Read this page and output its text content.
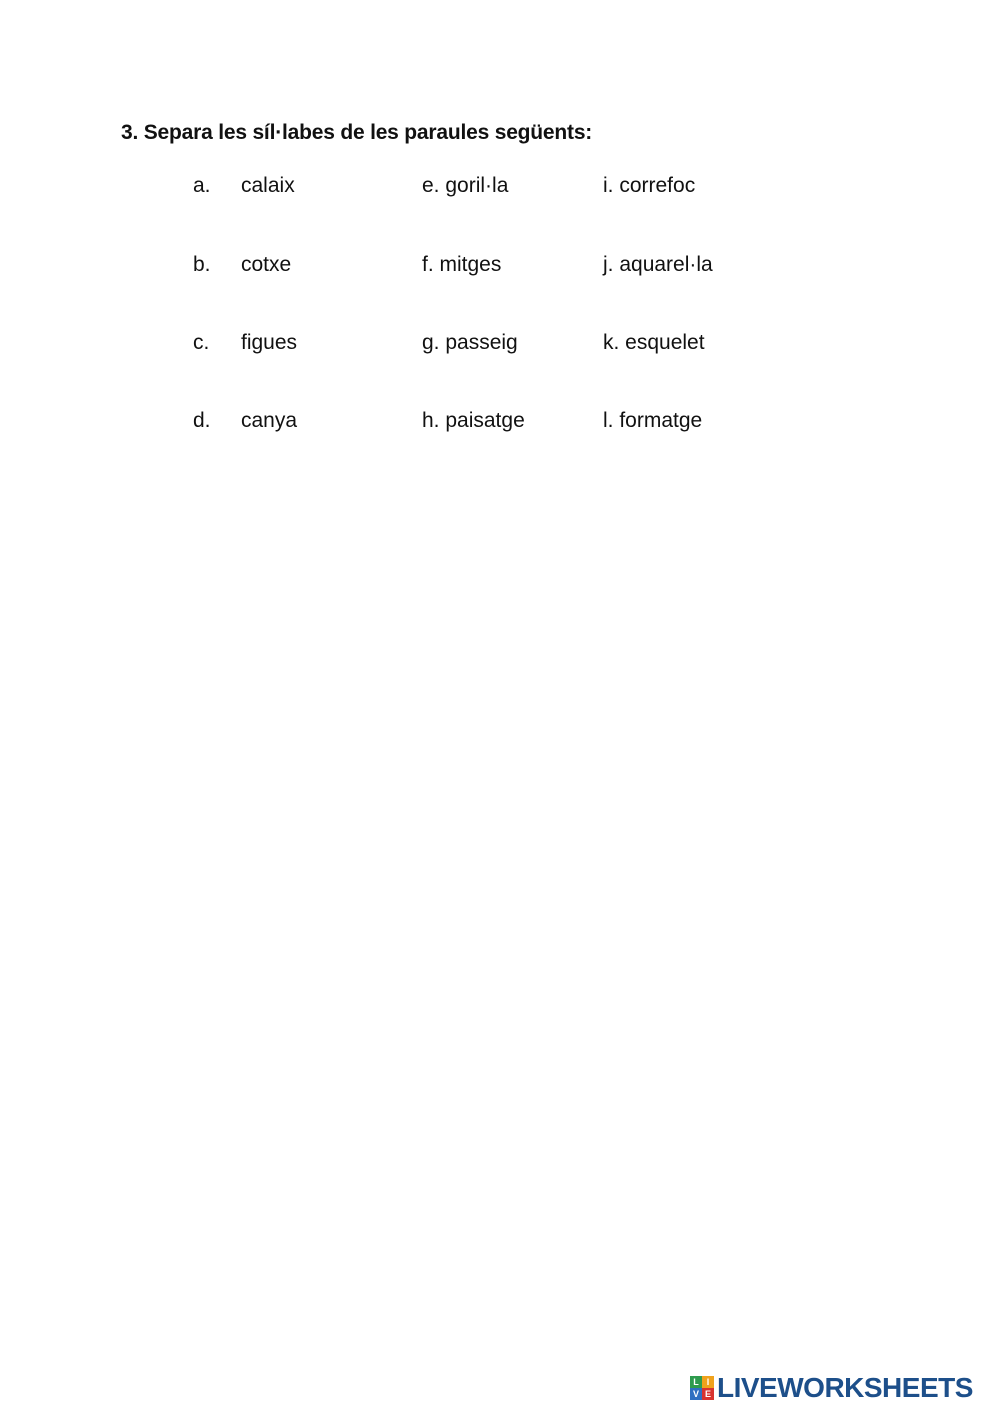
3. Separa les síl·labes de les paraules següents:
a. calaix	e. goril·la	i. correfoc
b. cotxe	f. mitges	j. aquarel·la
c. figues	g. passeig	k. esquelet
d. canya	h. paisatge	l. formatge
L I
V E LIVEWORKSHEETS
